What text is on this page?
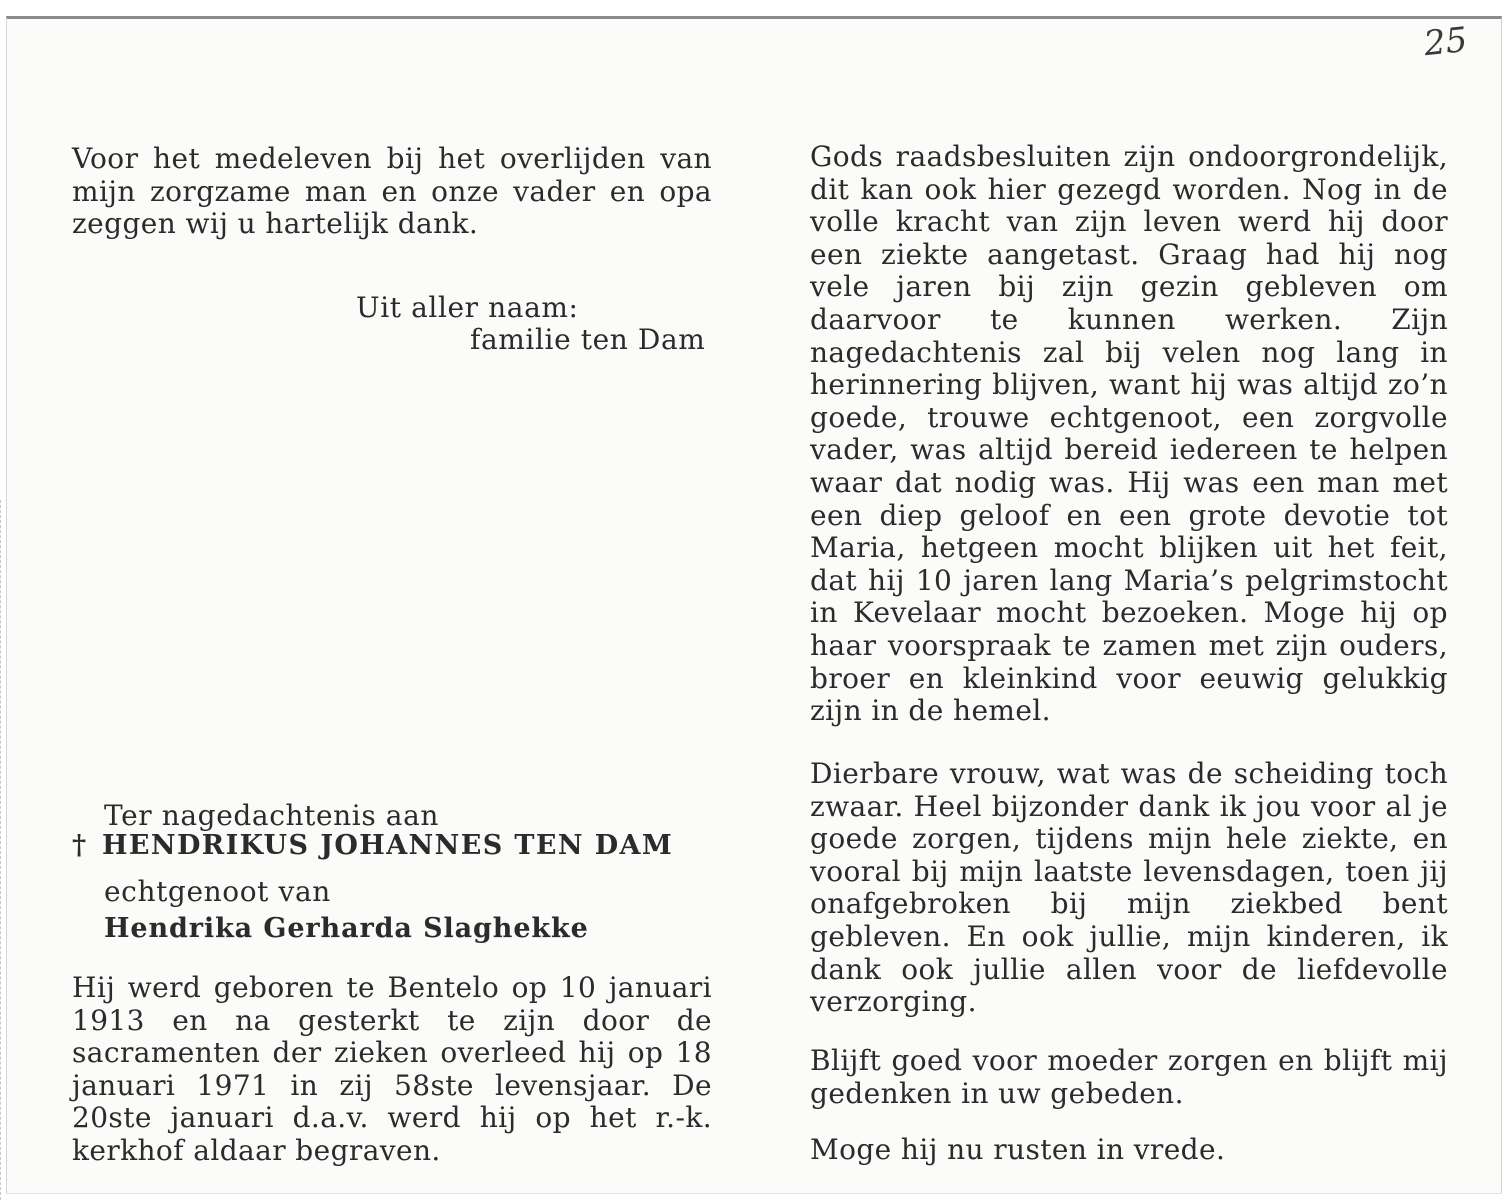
25

Voor het medeleven bij het overlijden van mijn zorgzame man en onze vader en opa zeggen wij u hartelijk dank.

Uit aller naam:
familie ten Dam
Ter nagedachtenis aan
† HENDRIKUS JOHANNES TEN DAM
echtgenoot van
Hendrika Gerharda Slaghekke

Hij werd geboren te Bentelo op 10 januari 1913 en na gesterkt te zijn door de sacramenten der zieken overleed hij op 18 januari 1971 in zij 58ste levensjaar. De 20ste januari d.a.v. werd hij op het r.-k. kerkhof aldaar begraven.

Gods raadsbesluiten zijn ondoorgrondelijk, dit kan ook hier gezegd worden. Nog in de volle kracht van zijn leven werd hij door een ziekte aangetast. Graag had hij nog vele jaren bij zijn gezin gebleven om daarvoor te kunnen werken. Zijn nagedachtenis zal bij velen nog lang in herinnering blijven, want hij was altijd zo’n goede, trouwe echtgenoot, een zorgvolle vader, was altijd bereid iedereen te helpen waar dat nodig was. Hij was een man met een diep geloof en een grote devotie tot Maria, hetgeen mocht blijken uit het feit, dat hij 10 jaren lang Maria’s pelgrimstocht in Kevelaar mocht bezoeken. Moge hij op haar voorspraak te zamen met zijn ouders, broer en kleinkind voor eeuwig gelukkig zijn in de hemel.

Dierbare vrouw, wat was de scheiding toch zwaar. Heel bijzonder dank ik jou voor al je goede zorgen, tijdens mijn hele ziekte, en vooral bij mijn laatste levensdagen, toen jij onafgebroken bij mijn ziekbed bent gebleven. En ook jullie, mijn kinderen, ik dank ook jullie allen voor de liefdevolle verzorging.

Blijft goed voor moeder zorgen en blijft mij gedenken in uw gebeden.

Moge hij nu rusten in vrede.
